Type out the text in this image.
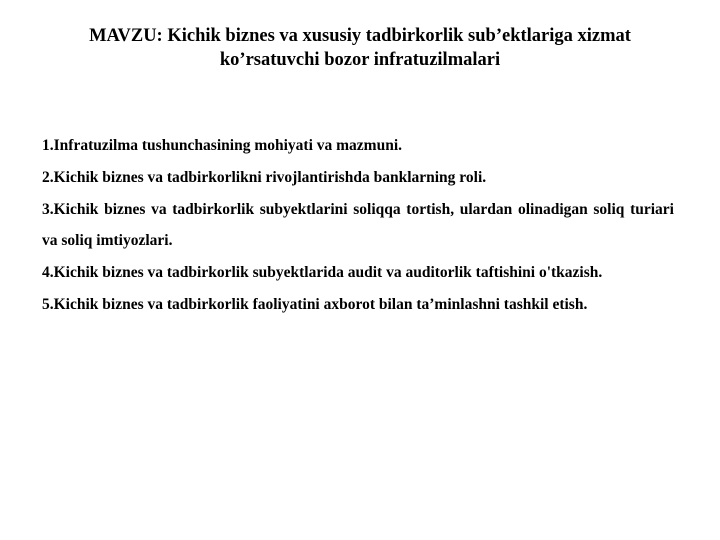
MAVZU: Kichik biznes va xususiy tadbirkorlik sub’ektlariga xizmat
ko’rsatuvchi bozor infratuzilmalari
1.Infratuzilma tushunchasining mohiyati va mazmuni.
2.Kichik biznes va tadbirkorlikni rivojlantirishda banklarning roli.
3.Kichik biznes va tadbirkorlik subyektlarini soliqqa tortish, ulardan olinadigan soliq turiari va soliq imtiyozlari.
4.Kichik biznes va tadbirkorlik subyektlarida audit va auditorlik taftishini o'tkazish.
5.Kichik biznes va tadbirkorlik faoliyatini axborot bilan ta’minlashni tashkil etish.
